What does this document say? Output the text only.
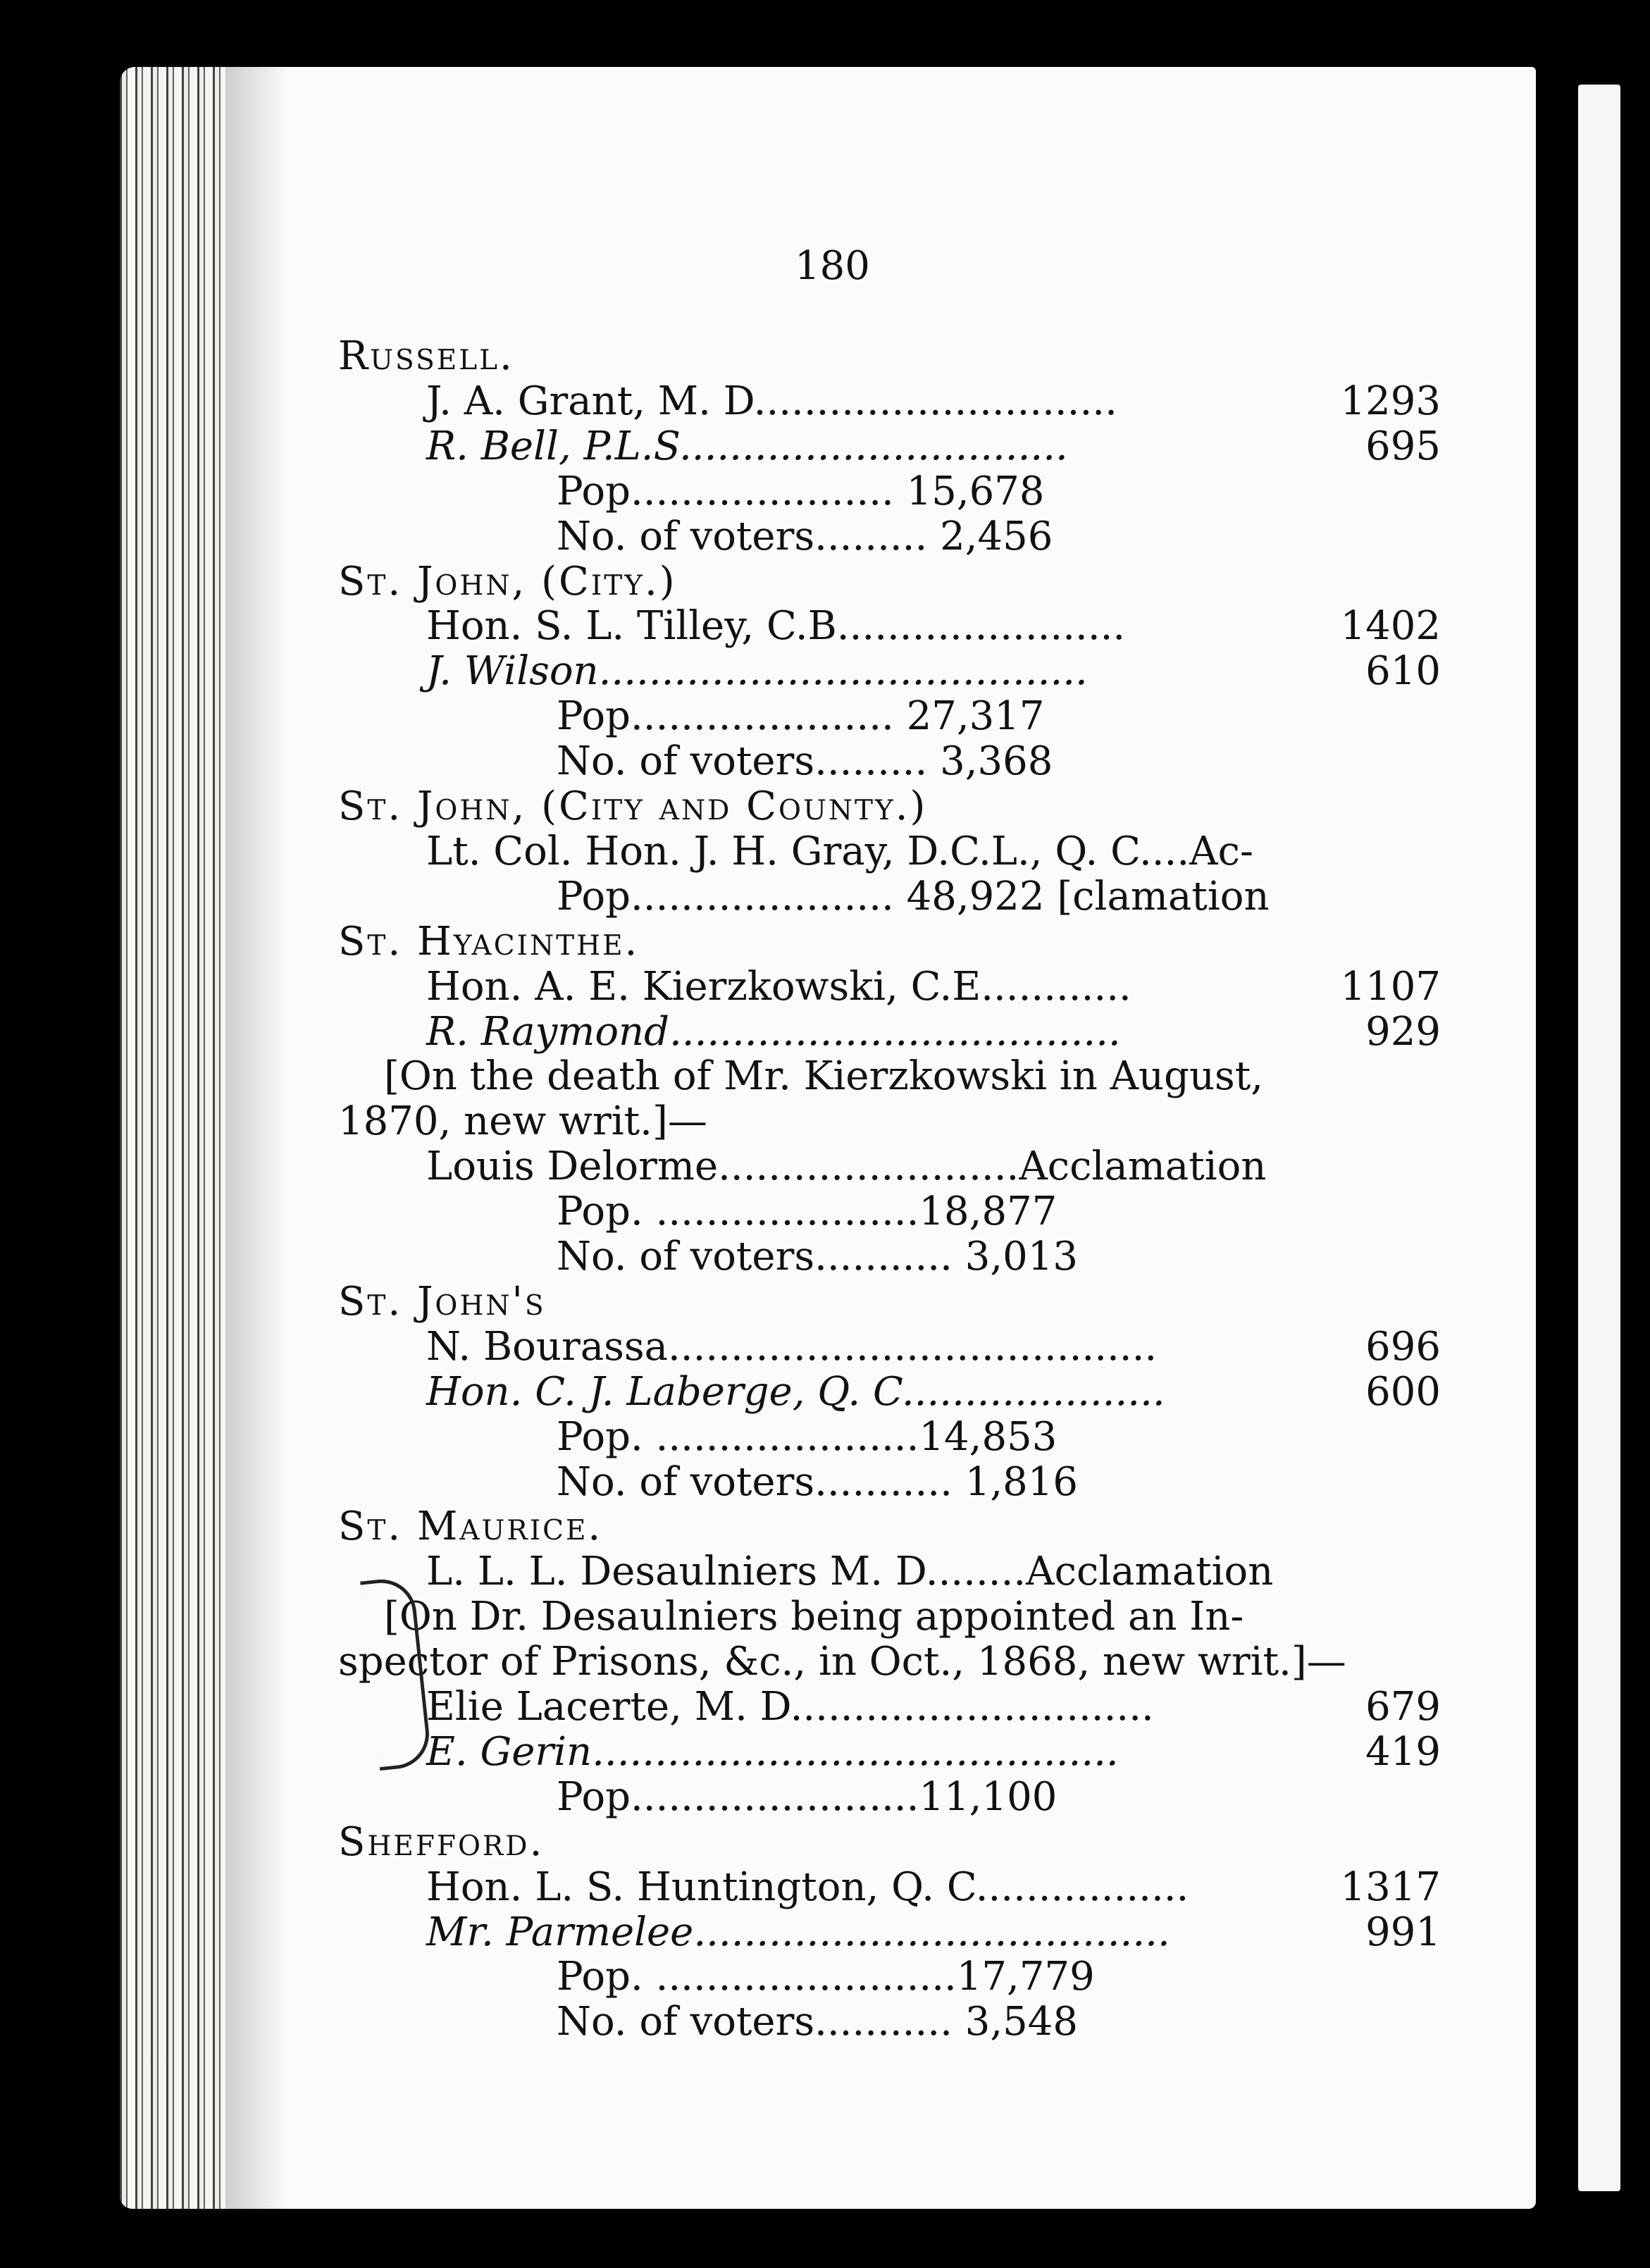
180
Russell.
J. A. Grant, M. D.............................	1293
R. Bell, P.L.S...............................	695
Pop..................... 15,678
No. of voters......... 2,456
St. John, (City.)
Hon. S. L. Tilley, C.B.......................	1402
J. Wilson.......................................	610
Pop..................... 27,317
No. of voters......... 3,368
St. John, (City and County.)
Lt. Col. Hon. J. H. Gray, D.C.L., Q. C....Ac-
Pop..................... 48,922 [clamation
St. Hyacinthe.
Hon. A. E. Kierzkowski, C.E............	1107
R. Raymond....................................	929
[On the death of Mr. Kierzkowski in August,
1870, new writ.]—
Louis Delorme........................Acclamation
Pop. .....................18,877
No. of voters........... 3,013
St. John's
N. Bourassa.......................................	696
Hon. C. J. Laberge, Q. C.....................	600
Pop. .....................14,853
No. of voters........... 1,816
St. Maurice.
L. L. L. Desaulniers M. D........Acclamation
[On Dr. Desaulniers being appointed an In-
spector of Prisons, &c., in Oct., 1868, new writ.]—
Elie Lacerte, M. D.............................	679
E. Gerin..........................................	419
Pop.......................11,100
Shefford.
Hon. L. S. Huntington, Q. C.................	1317
Mr. Parmelee......................................	991
Pop. ........................17,779
No. of voters........... 3,548
